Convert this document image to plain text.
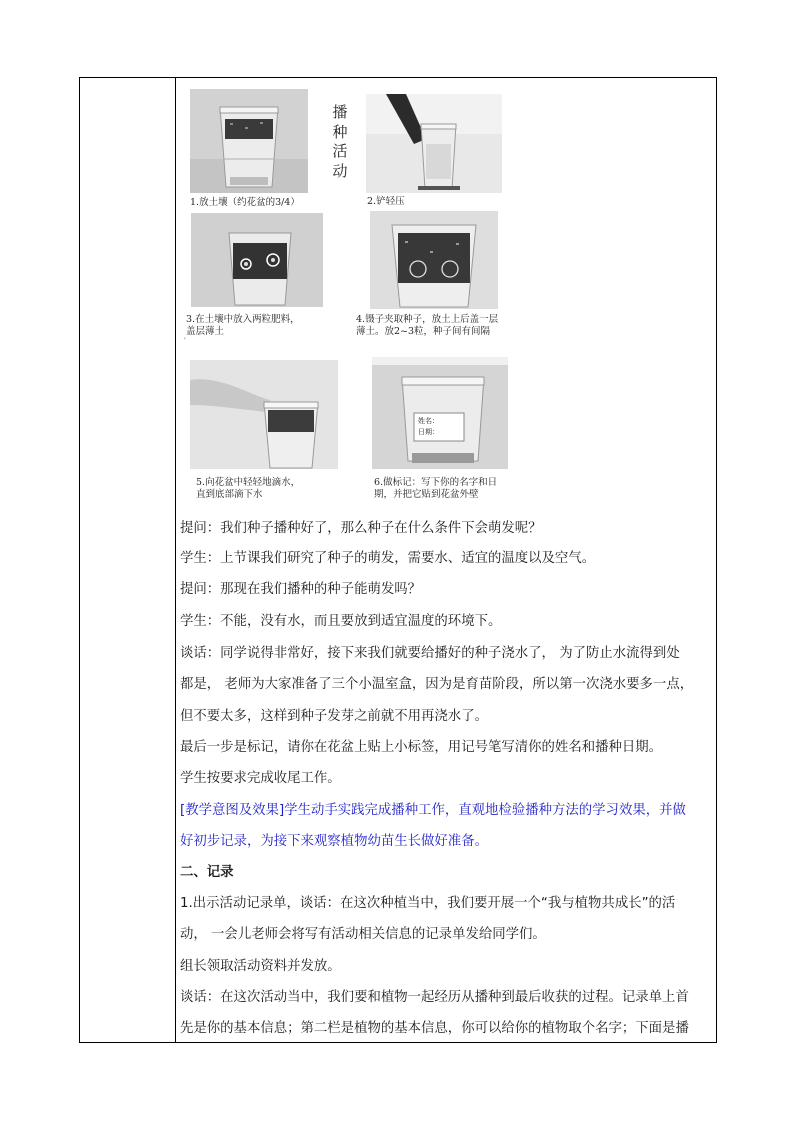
播种活动
姓名：
日期：
1.放土壤（约花盆的3/4）	2.铲轻压
3.在土壤中放入两粒肥料，
盖层薄土
4.镊子夹取种子，放土上后盖一层
薄土。放2~3粒，种子间有间隔
5.向花盆中轻轻地滴水，
直到底部滴下水
6.做标记：写下你的名字和日
期，并把它贴到花盆外壁
'
提问：我们种子播种好了，那么种子在什么条件下会萌发呢？
学生：上节课我们研究了种子的萌发，需要水、适宜的温度以及空气。
提问：那现在我们播种的种子能萌发吗？
学生：不能，没有水，而且要放到适宜温度的环境下。
谈话：同学说得非常好，接下来我们就要给播好的种子浇水了， 为了防止水流得到处
都是， 老师为大家准备了三个小温室盒，因为是育苗阶段，所以第一次浇水要多一点，
但不要太多，这样到种子发芽之前就不用再浇水了。
最后一步是标记，请你在花盆上贴上小标签，用记号笔写清你的姓名和播种日期。
学生按要求完成收尾工作。
[教学意图及效果]学生动手实践完成播种工作，直观地检验播种方法的学习效果，并做
好初步记录，为接下来观察植物幼苗生长做好准备。
二、记录
1.出示活动记录单，谈话：在这次种植当中，我们要开展一个“我与植物共成长”的活
动， 一会儿老师会将写有活动相关信息的记录单发给同学们。
组长领取活动资料并发放。
谈话：在这次活动当中，我们要和植物一起经历从播种到最后收获的过程。记录单上首
先是你的基本信息；第二栏是植物的基本信息，你可以给你的植物取个名字；下面是播
